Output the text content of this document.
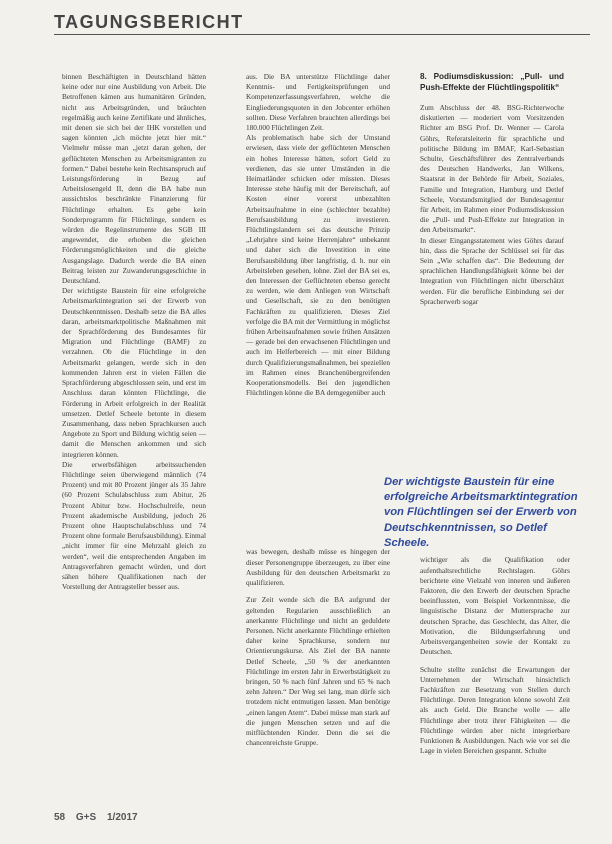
TAGUNGSBERICHT

binnen Beschäftigten in Deutschland hätten keine oder nur eine Ausbildung von Arbeit. Die Betroffenen kämen aus humanitären Gründen, nicht aus Arbeitsgründen, und bräuchten regelmäßig auch keine Zertifikate und ähnliches, mit denen sie sich bei der IHK vorstellen und sagen könnten „ich möchte jetzt hier mit.“ Vielmehr müsse man „jetzt daran gehen, der geflüchteten Menschen zu Arbeitsmigranten zu formen.“ Dabei bestehe kein Rechtsanspruch auf Leistungsförderung in Bezug auf Arbeitslosengeld II, denn die BA habe nun aussichtslos beschränkte Finanzierung für Flüchtlinge erhalten. Es gebe kein Sonderprogramm für Flüchtlinge, sondern es würden die Regelinstrumente des SGB III angewendet, die erhoben die gleichen Förderungsmöglichkeiten und die gleiche Ausgangslage. Dadurch werde die BA einen Beitrag leisten zur Zuwanderungsgeschichte in Deutschland.

Der wichtigste Baustein für eine erfolgreiche Arbeitsmarktintegration sei der Erwerb von Deutschkenntnissen. Deshalb setze die BA alles daran, arbeitsmarktpolitische Maßnahmen mit der Sprachförderung des Bundesamtes für Migration und Flüchtlinge (BAMF) zu verzahnen. Ob die Flüchtlinge in den Arbeitsmarkt gelangen, werde sich in den kommenden Jahren erst in vielen Fällen die Sprachförderung abgeschlossen sein, und erst im Anschluss daran könnten Flüchtlinge, die Förderung in Arbeit erfolgreich in der Realität umsetzen. Detlef Scheele betonte in diesem Zusammenhang, dass neben Sprachkursen auch Angebote zu Sport und Bildung wichtig seien — damit die Menschen ankommen und sich integrieren können.

Die erwerbsfähigen arbeitssuchenden Flüchtlinge seien überwiegend männlich (74 Prozent) und mit 80 Prozent jünger als 35 Jahre (60 Prozent Schulabschluss zum Abitur, 26 Prozent Abitur bzw. Hochschulreife, neun Prozent akademische Ausbildung, jedoch 26 Prozent ohne Hauptschulabschluss und 74 Prozent ohne formale Berufsausbildung). Einmal „nicht immer für eine Mehrzahl gleich zu werden“, weil die entsprechenden Angaben im Antragsverfahren gemacht würden, und dort sähen höhere Qualifikationen nach der Vorstellung der Antragsteller besser aus.

aus. Die BA unterstütze Flüchtlinge daher Kenntnis- und Fertigkeitsprüfungen und Kompetenzerfassungsverfahren, welche die Eingliederungsquoten in den Jobcenter erhöhen sollten. Diese Verfahren brauchten allerdings bei 180.000 Flüchtlingen Zeit.

Als problematisch habe sich der Umstand erwiesen, dass viele der geflüchteten Menschen ein hohes Interesse hätten, sofort Geld zu verdienen, das sie unter Umständen in die Heimatländer schicken oder müssten. Dieses Interesse stehe häufig mit der Bereitschaft, auf Kosten einer vorerst unbezahlten Arbeitsaufnahme in eine (schlechter bezahlte) Berufsausbildung zu investieren. Flüchtlingslandern sei das deutsche Prinzip „Lehrjahre sind keine Herrenjahre“ unbekannt und daher sich die Investition in eine Berufsausbildung über langfristig, d. h. nur ein Arbeitsleben gesehen, lohne. Ziel der BA sei es, den Interessen der Geflüchteten ebenso gerecht zu werden, wie dem Anliegen von Wirtschaft und Gesellschaft, sie zu den benötigten Fachkräften zu qualifizieren. Dieses Ziel verfolge die BA mit der Vermittlung in möglichst frühen Arbeitsaufnahmen sowie frühen Ansätzen — gerade bei den erwachsenen Flüchtlingen und auch im Helferbereich — mit einer Bildung durch Qualifizierungsmaßnahmen, bei speziellen im Rahmen eines Branchenübergreifenden Kooperationsmodells. Bei den jugendlichen Flüchtlingen könne die BA demgegenüber auch

was bewegen, deshalb müsse es hingegen der dieser Personengruppe überzeugen, zu über eine Ausbildung für den deutschen Arbeitsmarkt zu qualifizieren.

Zur Zeit wende sich die BA aufgrund der geltenden Regularien ausschließlich an anerkannte Flüchtlinge und nicht an geduldete Personen. Nicht anerkannte Flüchtlinge erhielten daher keine Sprachkurse, sondern nur Orientierungskurse. Als Ziel der BA nannte Detlef Scheele, „50 % der anerkannten Flüchtlinge im ersten Jahr in Erwerbstätigkeit zu bringen, 50 % nach fünf Jahren und 65 % nach zehn Jahren.“ Der Weg sei lang, man dürfe sich trotzdem nicht entmutigen lassen. Man benötige „einen langen Atem“. Dabei müsse man stark auf die jungen Menschen setzen und auf die mitflüchtenden Kinder. Denn die sei die chancenreichste Gruppe.

8. Podiumsdiskussion: „Pull- und Push-Effekte der Flüchtlingspolitik“

Zum Abschluss der 48. BSG-Richterwoche diskutierten — moderiert vom Vorsitzenden Richter am BSG Prof. Dr. Wenner — Carola Göhrs, Referatsleiterin für sprachliche und politische Bildung im BMAF, Karl-Sebastian Schulte, Geschäftsführer des Zentralverbands des Deutschen Handwerks, Jan Wilkens, Staatsrat in der Behörde für Arbeit, Soziales, Familie und Integration, Hamburg und Detlef Scheele, Vorstandsmitglied der Bundesagentur für Arbeit, im Rahmen einer Podiumsdiskussion die „Pull- und Push-Effekte zur Integration in den Arbeitsmarkt“.

In dieser Eingangsstatement wies Göhrs darauf hin, dass die Sprache der Schlüssel sei für das Sein „Wie schaffen das“. Die Bedeutung der sprachlichen Handlungsfähigkeit könne bei der Integration von Flüchtlingen nicht überschätzt werden. Für die berufliche Einbindung sei der Spracherwerb sogar

Der wichtigste Baustein für eine erfolgreiche Arbeitsmarktintegration von Flüchtlingen sei der Erwerb von Deutschkenntnissen, so Detlef Scheele.

wichtiger als die Qualifikation oder aufenthaltsrechtliche Rechtslagen. Göhrs berichtete eine Vielzahl von inneren und äußeren Faktoren, die den Erwerb der deutschen Sprache beeinflussten, vom Beispiel Vorkenntnisse, die linguistische Distanz der Muttersprache zur deutschen Sprache, das Geschlecht, das Alter, die Motivation, die Bildungserfahrung und Arbeitsvergangenheiten sowie der Kontakt zu Deutschen.

Schulte stellte zunächst die Erwartungen der Unternehmen der Wirtschaft hinsichtlich Fachkräften zur Besetzung von Stellen durch Flüchtlinge. Deren Integration könne sowohl Zeit als auch Geld. Die Branche wolle — alle Flüchtlinge aber trotz ihrer Fähigkeiten — die Flüchtlinge würden aber nicht integrierbare Funktionen & Ausbildungen. Nach wie vor sei die Lage in vielen Bereichen gespannt. Schulte

58 G+S 1/2017
